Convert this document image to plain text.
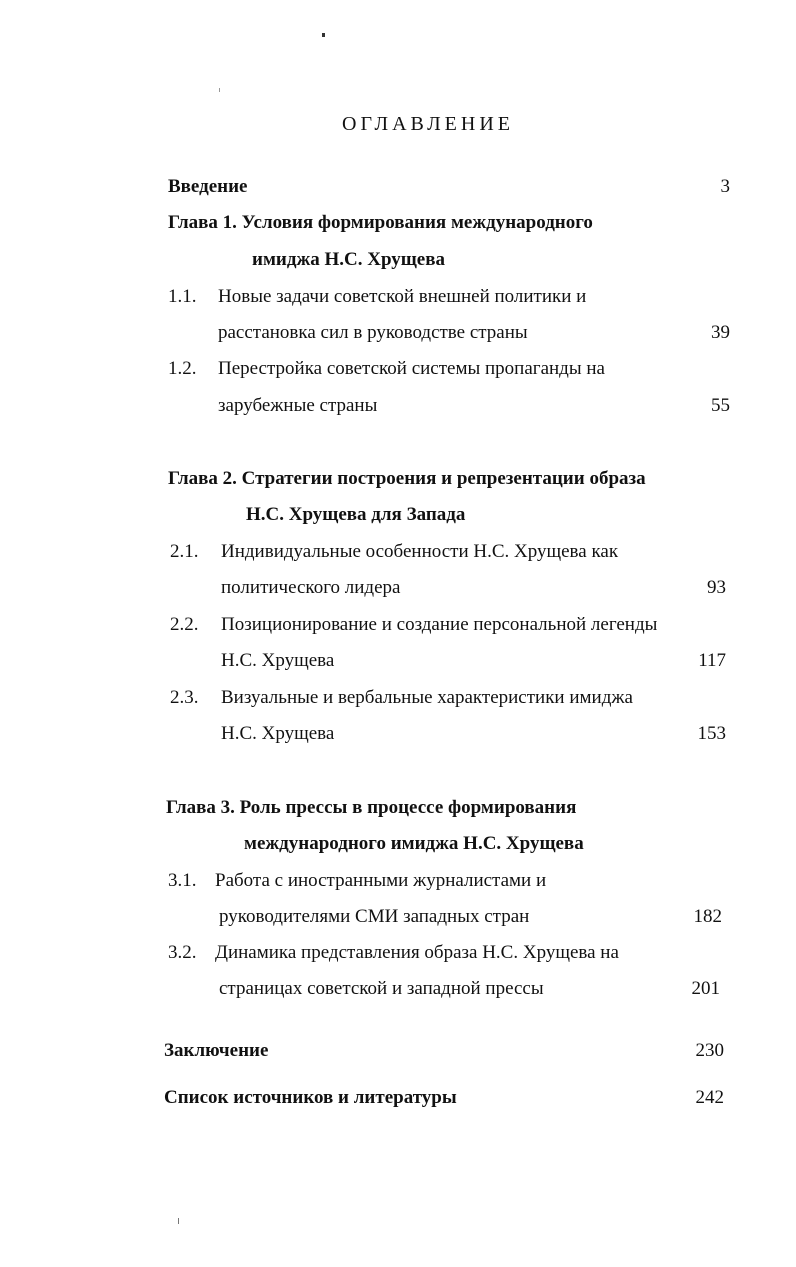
ОГЛАВЛЕНИЕ
Введение	3
Глава 1. Условия формирования международного
имиджа Н.С. Хрущева
1.1. Новые задачи советской внешней политики и
расстановка сил в руководстве страны	39
1.2. Перестройка советской системы пропаганды на
зарубежные страны	55
Глава 2. Стратегии построения и репрезентации образа
Н.С. Хрущева для Запада
2.1. Индивидуальные особенности Н.С. Хрущева как
политического лидера	93
2.2. Позиционирование и создание персональной легенды
Н.С. Хрущева	117
2.3. Визуальные и вербальные характеристики имиджа
Н.С. Хрущева	153
Глава 3. Роль прессы в процессе формирования
международного имиджа Н.С. Хрущева
3.1. Работа с иностранными журналистами и
руководителями СМИ западных стран	182
3.2. Динамика представления образа Н.С. Хрущева на
страницах советской и западной прессы	201
Заключение	230
Список источников и литературы	242
